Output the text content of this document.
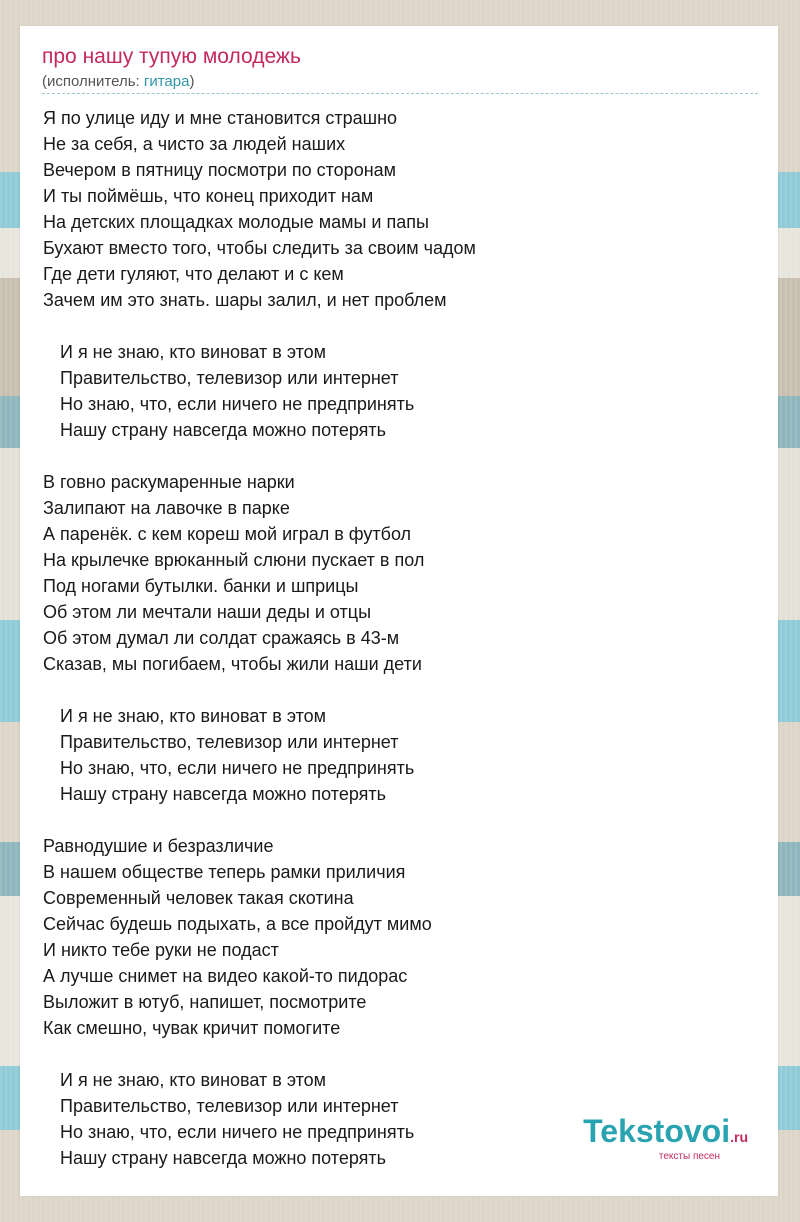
про нашу тупую молодежь
(исполнитель: гитара)
Я по улице иду и мне становится страшно
Не за себя, а чисто за людей наших
Вечером в пятницу посмотри по сторонам
И ты поймёшь, что конец приходит нам
На детских площадках молодые мамы и папы
Бухают вместо того, чтобы следить за своим чадом
Где дети гуляют, что делают и с кем
Зачем им это знать. шары залил, и нет проблем
И я не знаю, кто виноват в этом
Правительство, телевизор или интернет
Но знаю, что, если ничего не предпринять
Нашу страну навсегда можно потерять
В говно раскумаренные нарки
Залипают на лавочке в парке
А паренёк. с кем кореш мой играл в футбол
На крылечке врюканный слюни пускает в пол
Под ногами бутылки. банки и шприцы
Об этом ли мечтали наши деды и отцы
Об этом думал ли солдат сражаясь в 43-м
Сказав, мы погибаем, чтобы жили наши дети
И я не знаю, кто виноват в этом
Правительство, телевизор или интернет
Но знаю, что, если ничего не предпринять
Нашу страну навсегда можно потерять
Равнодушие и безразличие
В нашем обществе теперь рамки приличия
Современный человек такая скотина
Сейчас будешь подыхать, а все пройдут мимо
И никто тебе руки не подаст
А лучше снимет на видео какой-то пидорас
Выложит в ютуб, напишет, посмотрите
Как смешно, чувак кричит помогите
И я не знаю, кто виноват в этом
Правительство, телевизор или интернет
Но знаю, что, если ничего не предпринять
Нашу страну навсегда можно потерять
Tekstovoi.ru
тексты песен
